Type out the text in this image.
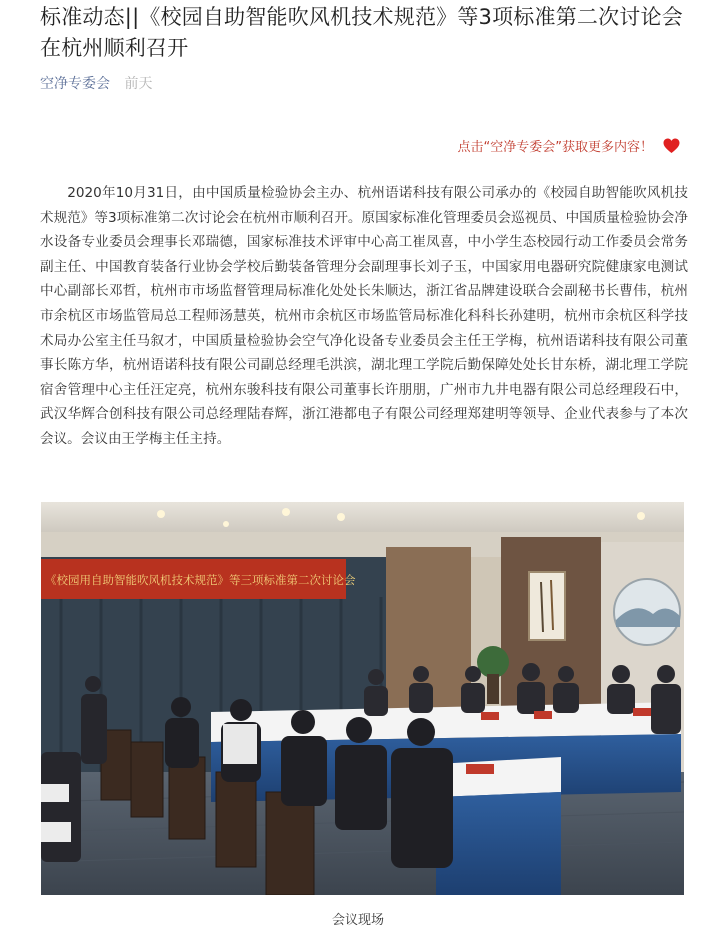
标准动态||《校园自助智能吹风机技术规范》等3项标准第二次讨论会在杭州顺利召开
空净专委会 前天
点击“空净专委会”获取更多内容！

2020年10月31日，由中国质量检验协会主办、杭州语诺科技有限公司承办的《校园自助智能吹风机技术规范》等3项标准第二次讨论会在杭州市顺利召开。原国家标准化管理委员会巡视员、中国质量检验协会净水设备专业委员会理事长邓瑞德，国家标准技术评审中心高工崔凤喜，中小学生态校园行动工作委员会常务副主任、中国教育装备行业协会学校后勤装备管理分会副理事长刘子玉，中国家用电器研究院健康家电测试中心副部长邓哲，杭州市市场监督管理局标准化处处长朱顺达，浙江省品牌建设联合会副秘书长曹伟，杭州市余杭区市场监管局总工程师汤慧英，杭州市余杭区市场监管局标准化科科长孙建明，杭州市余杭区科学技术局办公室主任马叙才，中国质量检验协会空气净化设备专业委员会主任王学梅，杭州语诺科技有限公司董事长陈方华，杭州语诺科技有限公司副总经理毛洪滨，湖北理工学院后勤保障处处长甘东桥，湖北理工学院宿舍管理中心主任汪定亮，杭州东骏科技有限公司董事长许朋朋，广州市九井电器有限公司总经理段石中，武汉华辉合创科技有限公司总经理陆春辉，浙江港都电子有限公司经理郑建明等领导、企业代表参与了本次会议。会议由王学梅主任主持。

《校园用自助智能吹风机技术规范》等三项标准第二次讨论会
会议现场
